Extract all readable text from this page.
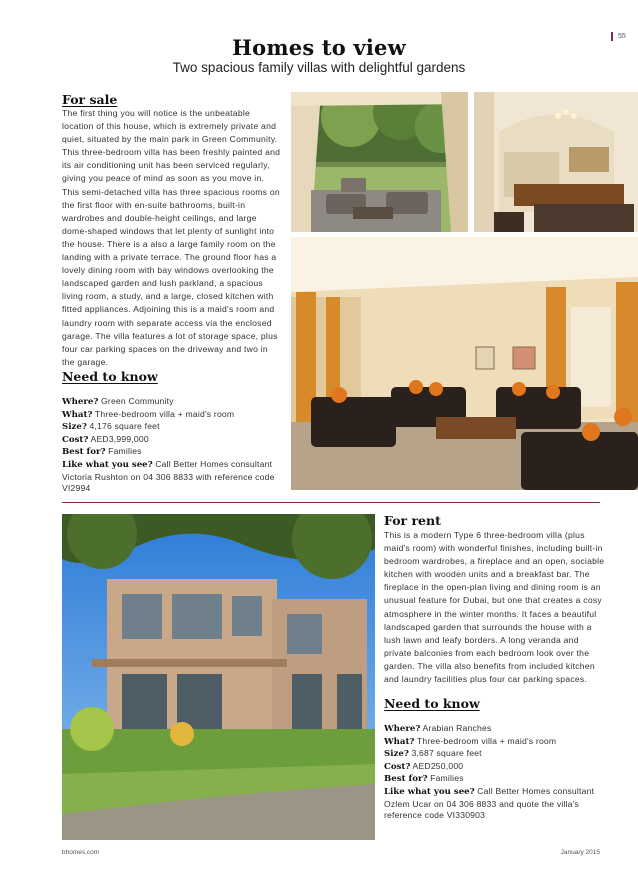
55
Homes to view
Two spacious family villas with delightful gardens
For sale

The first thing you will notice is the unbeatable location of this house, which is extremely private and quiet, situated by the main park in Green Community. This three-bedroom villa has been freshly painted and its air conditioning unit has been serviced regularly, giving you peace of mind as soon as you move in. This semi-detached villa has three spacious rooms on the first floor with en-suite bathrooms, built-in wardrobes and double-height ceilings, and large dome-shaped windows that let plenty of sunlight into the house. There is a also a large family room on the landing with a private terrace. The ground floor has a lovely dining room with bay windows overlooking the landscaped garden and lush parkland, a spacious living room, a study, and a large, closed kitchen with fitted appliances. Adjoining this is a maid's room and laundry room with separate access via the enclosed garage. The villa features a lot of storage space, plus four car parking spaces on the driveway and two in the garage.

Need to know
Where? Green Community
What? Three-bedroom villa + maid's room
Size? 4,176 square feet
Cost? AED3,999,000
Best for? Families
Like what you see? Call Better Homes consultant Victoria Rushton on 04 306 8833 with reference code VI2994
For rent

This is a modern Type 6 three-bedroom villa (plus maid's room) with wonderful finishes, including built-in bedroom wardrobes, a fireplace and an open, sociable kitchen with wooden units and a breakfast bar. The fireplace in the open-plan living and dining room is an unusual feature for Dubai, but one that creates a cosy atmosphere in the winter months. It faces a beautiful landscaped garden that surrounds the house with a lush lawn and leafy borders. A long veranda and private balconies from each bedroom look over the garden. The villa also benefits from included kitchen and laundry facilities plus four car parking spaces.

Need to know
Where? Arabian Ranches
What? Three-bedroom villa + maid's room
Size? 3,687 square feet
Cost? AED250,000
Best for? Families
Like what you see? Call Better Homes consultant Ozlem Ucar on 04 306 8833 and quote the villa's reference code VI330903
bhomes.com	January 2015
